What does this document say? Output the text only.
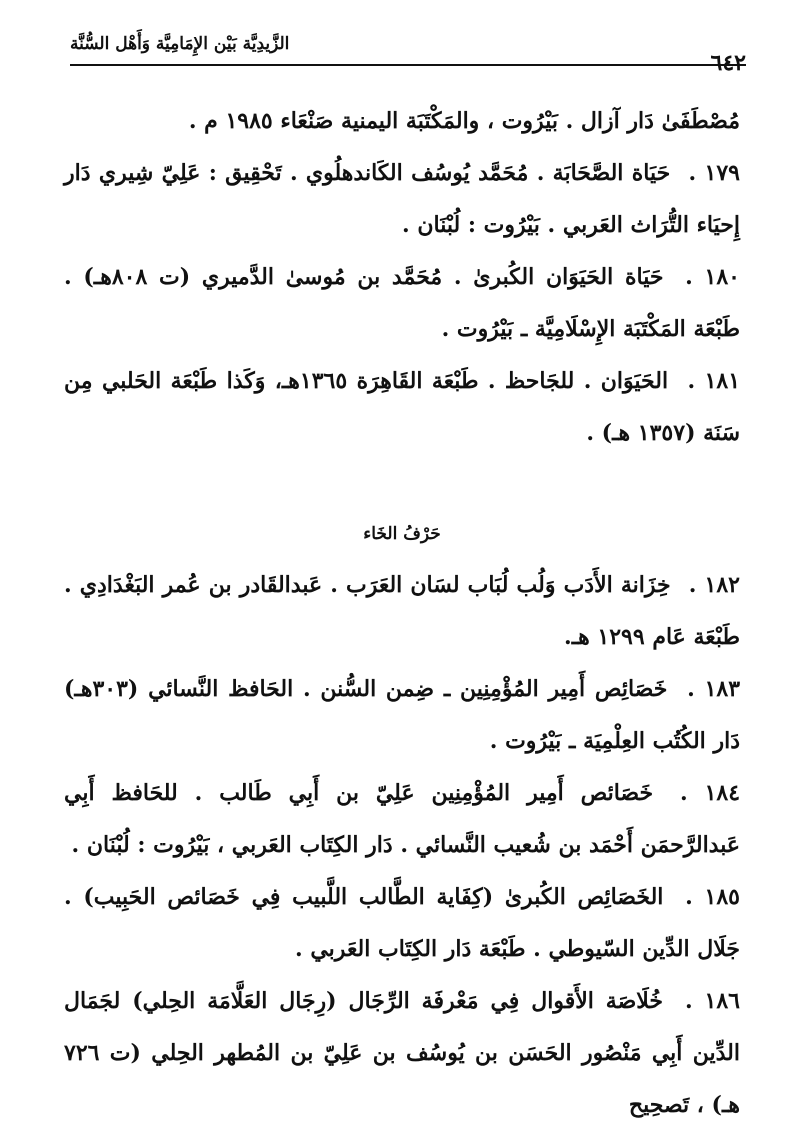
٦٤٢
الزَّيدِيَّة بَيْن الإِمَامِيَّة وَأَهْل السُّنَّة

مُصْطَفَىٰ دَار آزال . بَيْرُوت ، والمَكْتَبَة اليمنية صَنْعَاء ١٩٨٥ م .

١٧٩ . حَيَاة الصَّحَابَة . مُحَمَّد يُوسُف الكَاندهلُوي . تَحْقِيق : عَلِيّ شِيري دَار إِحيَاء التُّرَاث العَربي . بَيْرُوت : لُبْنَان .

١٨٠ . حَيَاة الحَيَوَان الكُبرىٰ . مُحَمَّد بن مُوسىٰ الدَّميري (ت ٨٠٨هـ) . طَبْعَة المَكْتَبَة الإِسْلَامِيَّة ـ بَيْرُوت .

١٨١ . الحَيَوَان . للجَاحظ . طَبْعَة القَاهِرَة ١٣٦٥هـ، وَكَذا طَبْعَة الحَلبي مِن سَنَة (١٣٥٧ هـ) .

حَرْفُ الخَاء

١٨٢ . خِزَانة الأَدَب وَلُب لُبَاب لسَان العَرَب . عَبدالقَادر بن عُمر البَغْدَادِي . طَبْعَة عَام ١٢٩٩ هـ.

١٨٣ . خَصَائِص أَمِير المُؤْمِنِين ـ ضِمن السُّنن . الحَافظ النَّسائي (٣٠٣هـ) دَار الكُتُب العِلْمِيَة ـ بَيْرُوت .

١٨٤ . خَصَائص أَمِير المُؤْمِنِين عَلِيّ بن أَبِي طَالب . للحَافظ أَبِي عَبدالرَّحمَن أَحْمَد بن شُعيب النَّسائي . دَار الكِتَاب العَربي ، بَيْرُوت : لُبْنَان .

١٨٥ . الخَصَائِص الكُبرىٰ (كِفَاية الطَّالب اللَّبيب فِي خَصَائص الحَبِيب) . جَلَال الدِّين السّيوطي . طَبْعَة دَار الكِتَاب العَربي .

١٨٦ . خُلَاصَة الأَقوال فِي مَعْرفَة الرِّجَال (رِجَال العَلَّامَة الحِلي) لجَمَال الدِّين أَبِي مَنْصُور الحَسَن بن يُوسُف بن عَلِيّ بن المُطهر الحِلي (ت ٧٢٦ هـ) ، تَصحِيح
